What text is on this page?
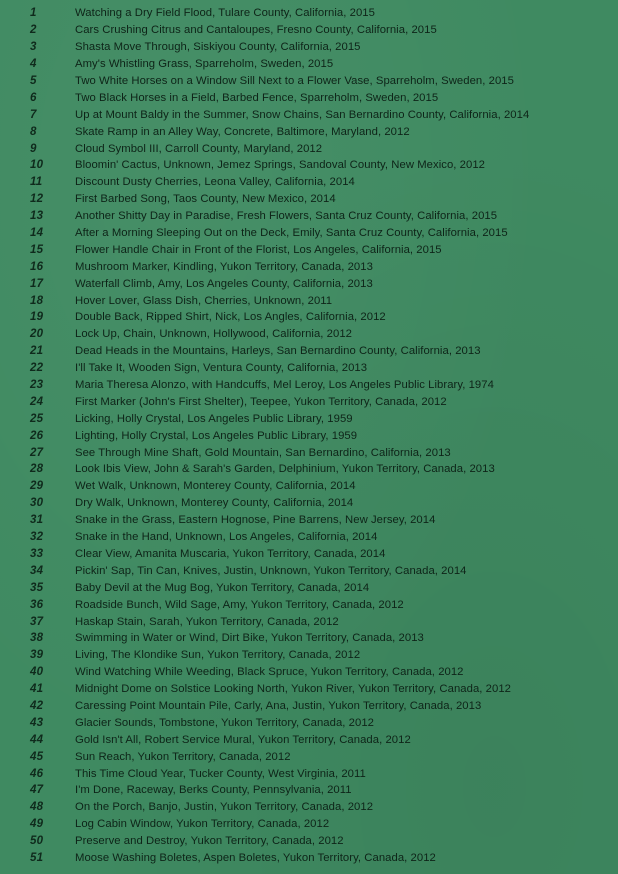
1	Watching a Dry Field Flood, Tulare County, California, 2015
2	Cars Crushing Citrus and Cantaloupes, Fresno County, California, 2015
3	Shasta Move Through, Siskiyou County, California, 2015
4	Amy's Whistling Grass, Sparreholm, Sweden, 2015
5	Two White Horses on a Window Sill Next to a Flower Vase, Sparreholm, Sweden, 2015
6	Two Black Horses in a Field, Barbed Fence, Sparreholm, Sweden, 2015
7	Up at Mount Baldy in the Summer, Snow Chains, San Bernardino County, California, 2014
8	Skate Ramp in an Alley Way, Concrete, Baltimore, Maryland, 2012
9	Cloud Symbol III, Carroll County, Maryland, 2012
10	Bloomin' Cactus, Unknown, Jemez Springs, Sandoval County, New Mexico, 2012
11	Discount Dusty Cherries, Leona Valley, California, 2014
12	First Barbed Song, Taos County, New Mexico, 2014
13	Another Shitty Day in Paradise, Fresh Flowers, Santa Cruz County, California, 2015
14	After a Morning Sleeping Out on the Deck, Emily, Santa Cruz County, California, 2015
15	Flower Handle Chair in Front of the Florist, Los Angeles, California, 2015
16	Mushroom Marker, Kindling, Yukon Territory, Canada, 2013
17	Waterfall Climb, Amy, Los Angeles County, California, 2013
18	Hover Lover, Glass Dish, Cherries, Unknown, 2011
19	Double Back, Ripped Shirt, Nick, Los Angles, California, 2012
20	Lock Up, Chain, Unknown, Hollywood, California, 2012
21	Dead Heads in the Mountains, Harleys, San Bernardino County, California, 2013
22	I'll Take It, Wooden Sign, Ventura County, California, 2013
23	Maria Theresa Alonzo, with Handcuffs, Mel Leroy, Los Angeles Public Library, 1974
24	First Marker (John's First Shelter), Teepee, Yukon Territory, Canada, 2012
25	Licking, Holly Crystal, Los Angeles Public Library, 1959
26	Lighting, Holly Crystal, Los Angeles Public Library, 1959
27	See Through Mine Shaft, Gold Mountain, San Bernardino, California, 2013
28	Look Ibis View, John & Sarah's Garden, Delphinium, Yukon Territory, Canada, 2013
29	Wet Walk, Unknown, Monterey County, California, 2014
30	Dry Walk, Unknown, Monterey County, California, 2014
31	Snake in the Grass, Eastern Hognose, Pine Barrens, New Jersey, 2014
32	Snake in the Hand, Unknown, Los Angeles, California, 2014
33	Clear View, Amanita Muscaria, Yukon Territory, Canada, 2014
34	Pickin' Sap, Tin Can, Knives, Justin, Unknown, Yukon Territory, Canada, 2014
35	Baby Devil at the Mug Bog, Yukon Territory, Canada, 2014
36	Roadside Bunch, Wild Sage, Amy, Yukon Territory, Canada, 2012
37	Haskap Stain, Sarah, Yukon Territory, Canada, 2012
38	Swimming in Water or Wind, Dirt Bike, Yukon Territory, Canada, 2013
39	Living, The Klondike Sun, Yukon Territory, Canada, 2012
40	Wind Watching While Weeding, Black Spruce, Yukon Territory, Canada, 2012
41	Midnight Dome on Solstice Looking North, Yukon River, Yukon Territory, Canada, 2012
42	Caressing Point Mountain Pile, Carly, Ana, Justin, Yukon Territory, Canada, 2013
43	Glacier Sounds, Tombstone, Yukon Territory, Canada, 2012
44	Gold Isn't All, Robert Service Mural, Yukon Territory, Canada, 2012
45	Sun Reach, Yukon Territory, Canada, 2012
46	This Time Cloud Year, Tucker County, West Virginia, 2011
47	I'm Done, Raceway, Berks County, Pennsylvania, 2011
48	On the Porch, Banjo, Justin, Yukon Territory, Canada, 2012
49	Log Cabin Window, Yukon Territory, Canada, 2012
50	Preserve and Destroy, Yukon Territory, Canada, 2012
51	Moose Washing Boletes, Aspen Boletes, Yukon Territory, Canada, 2012
